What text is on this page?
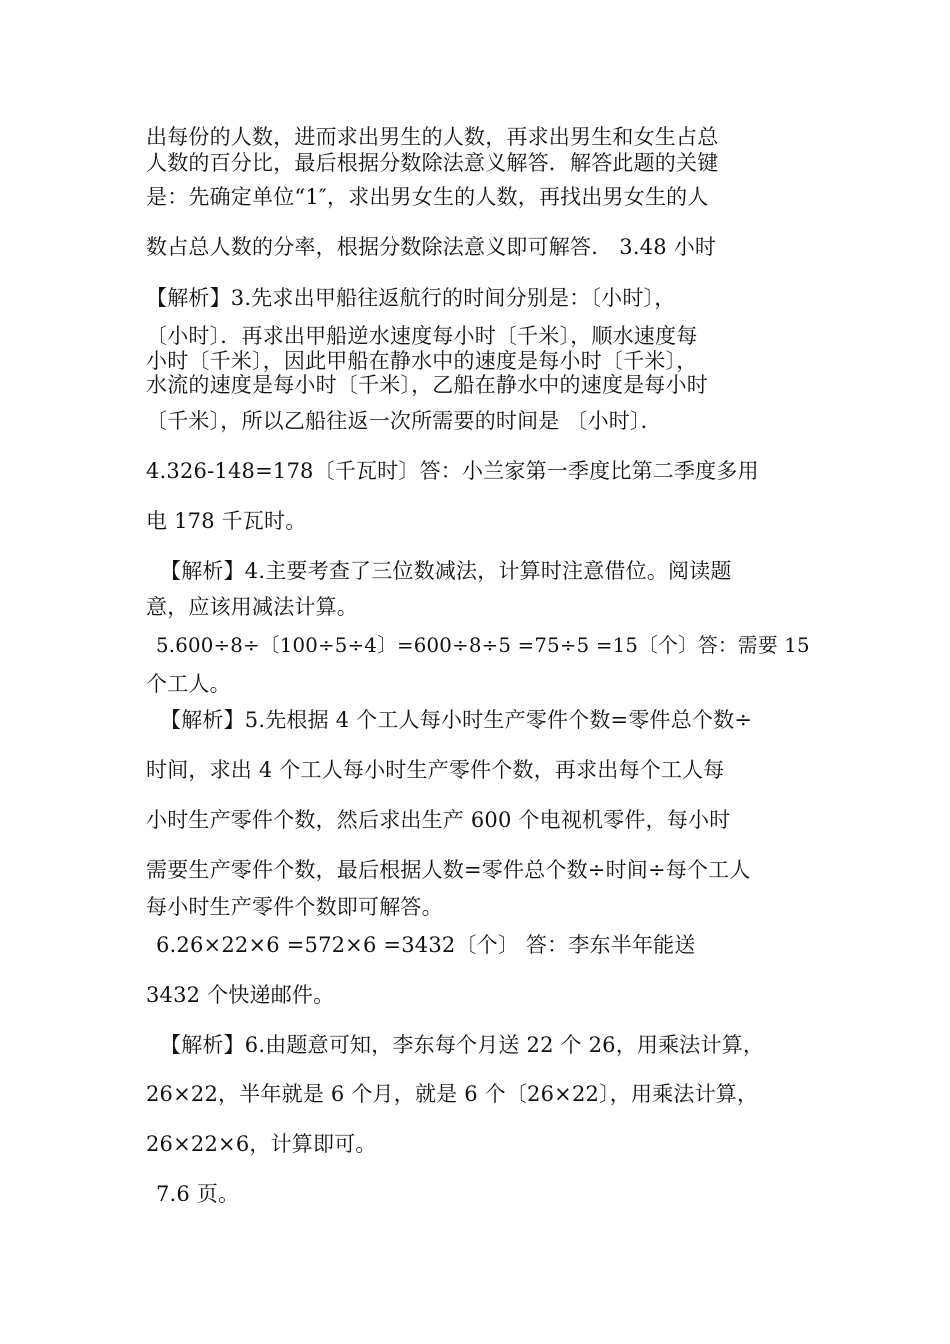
出每份的人数，进而求出男生的人数，再求出男生和女生占总
人数的百分比，最后根据分数除法意义解答．解答此题的关键
是：先确定单位“1″，求出男女生的人数，再找出男女生的人
数占总人数的分率，根据分数除法意义即可解答． 3.48 小时
【解析】3.先求出甲船往返航行的时间分别是：〔小时〕，
〔小时〕．再求出甲船逆水速度每小时〔千米〕，顺水速度每
小时〔千米〕，因此甲船在静水中的速度是每小时〔千米〕，
水流的速度是每小时〔千米〕，乙船在静水中的速度是每小时
〔千米〕，所以乙船往返一次所需要的时间是 〔小时〕．
4.326-148=178〔千瓦时〕答：小兰家第一季度比第二季度多用
电 178 千瓦时。
【解析】4.主要考查了三位数减法，计算时注意借位。阅读题
意，应该用减法计算。
5.600÷8÷〔100÷5÷4〕=600÷8÷5 =75÷5 =15〔个〕答：需要 15
个工人。
【解析】5.先根据 4 个工人每小时生产零件个数=零件总个数÷
时间，求出 4 个工人每小时生产零件个数，再求出每个工人每
小时生产零件个数，然后求出生产 600 个电视机零件，每小时
需要生产零件个数，最后根据人数=零件总个数÷时间÷每个工人
每小时生产零件个数即可解答。
6.26×22×6 =572×6 =3432〔个〕 答：李东半年能送
3432 个快递邮件。
【解析】6.由题意可知，李东每个月送 22 个 26，用乘法计算，
26×22，半年就是 6 个月，就是 6 个〔26×22〕，用乘法计算，
26×22×6，计算即可。
7.6 页。
